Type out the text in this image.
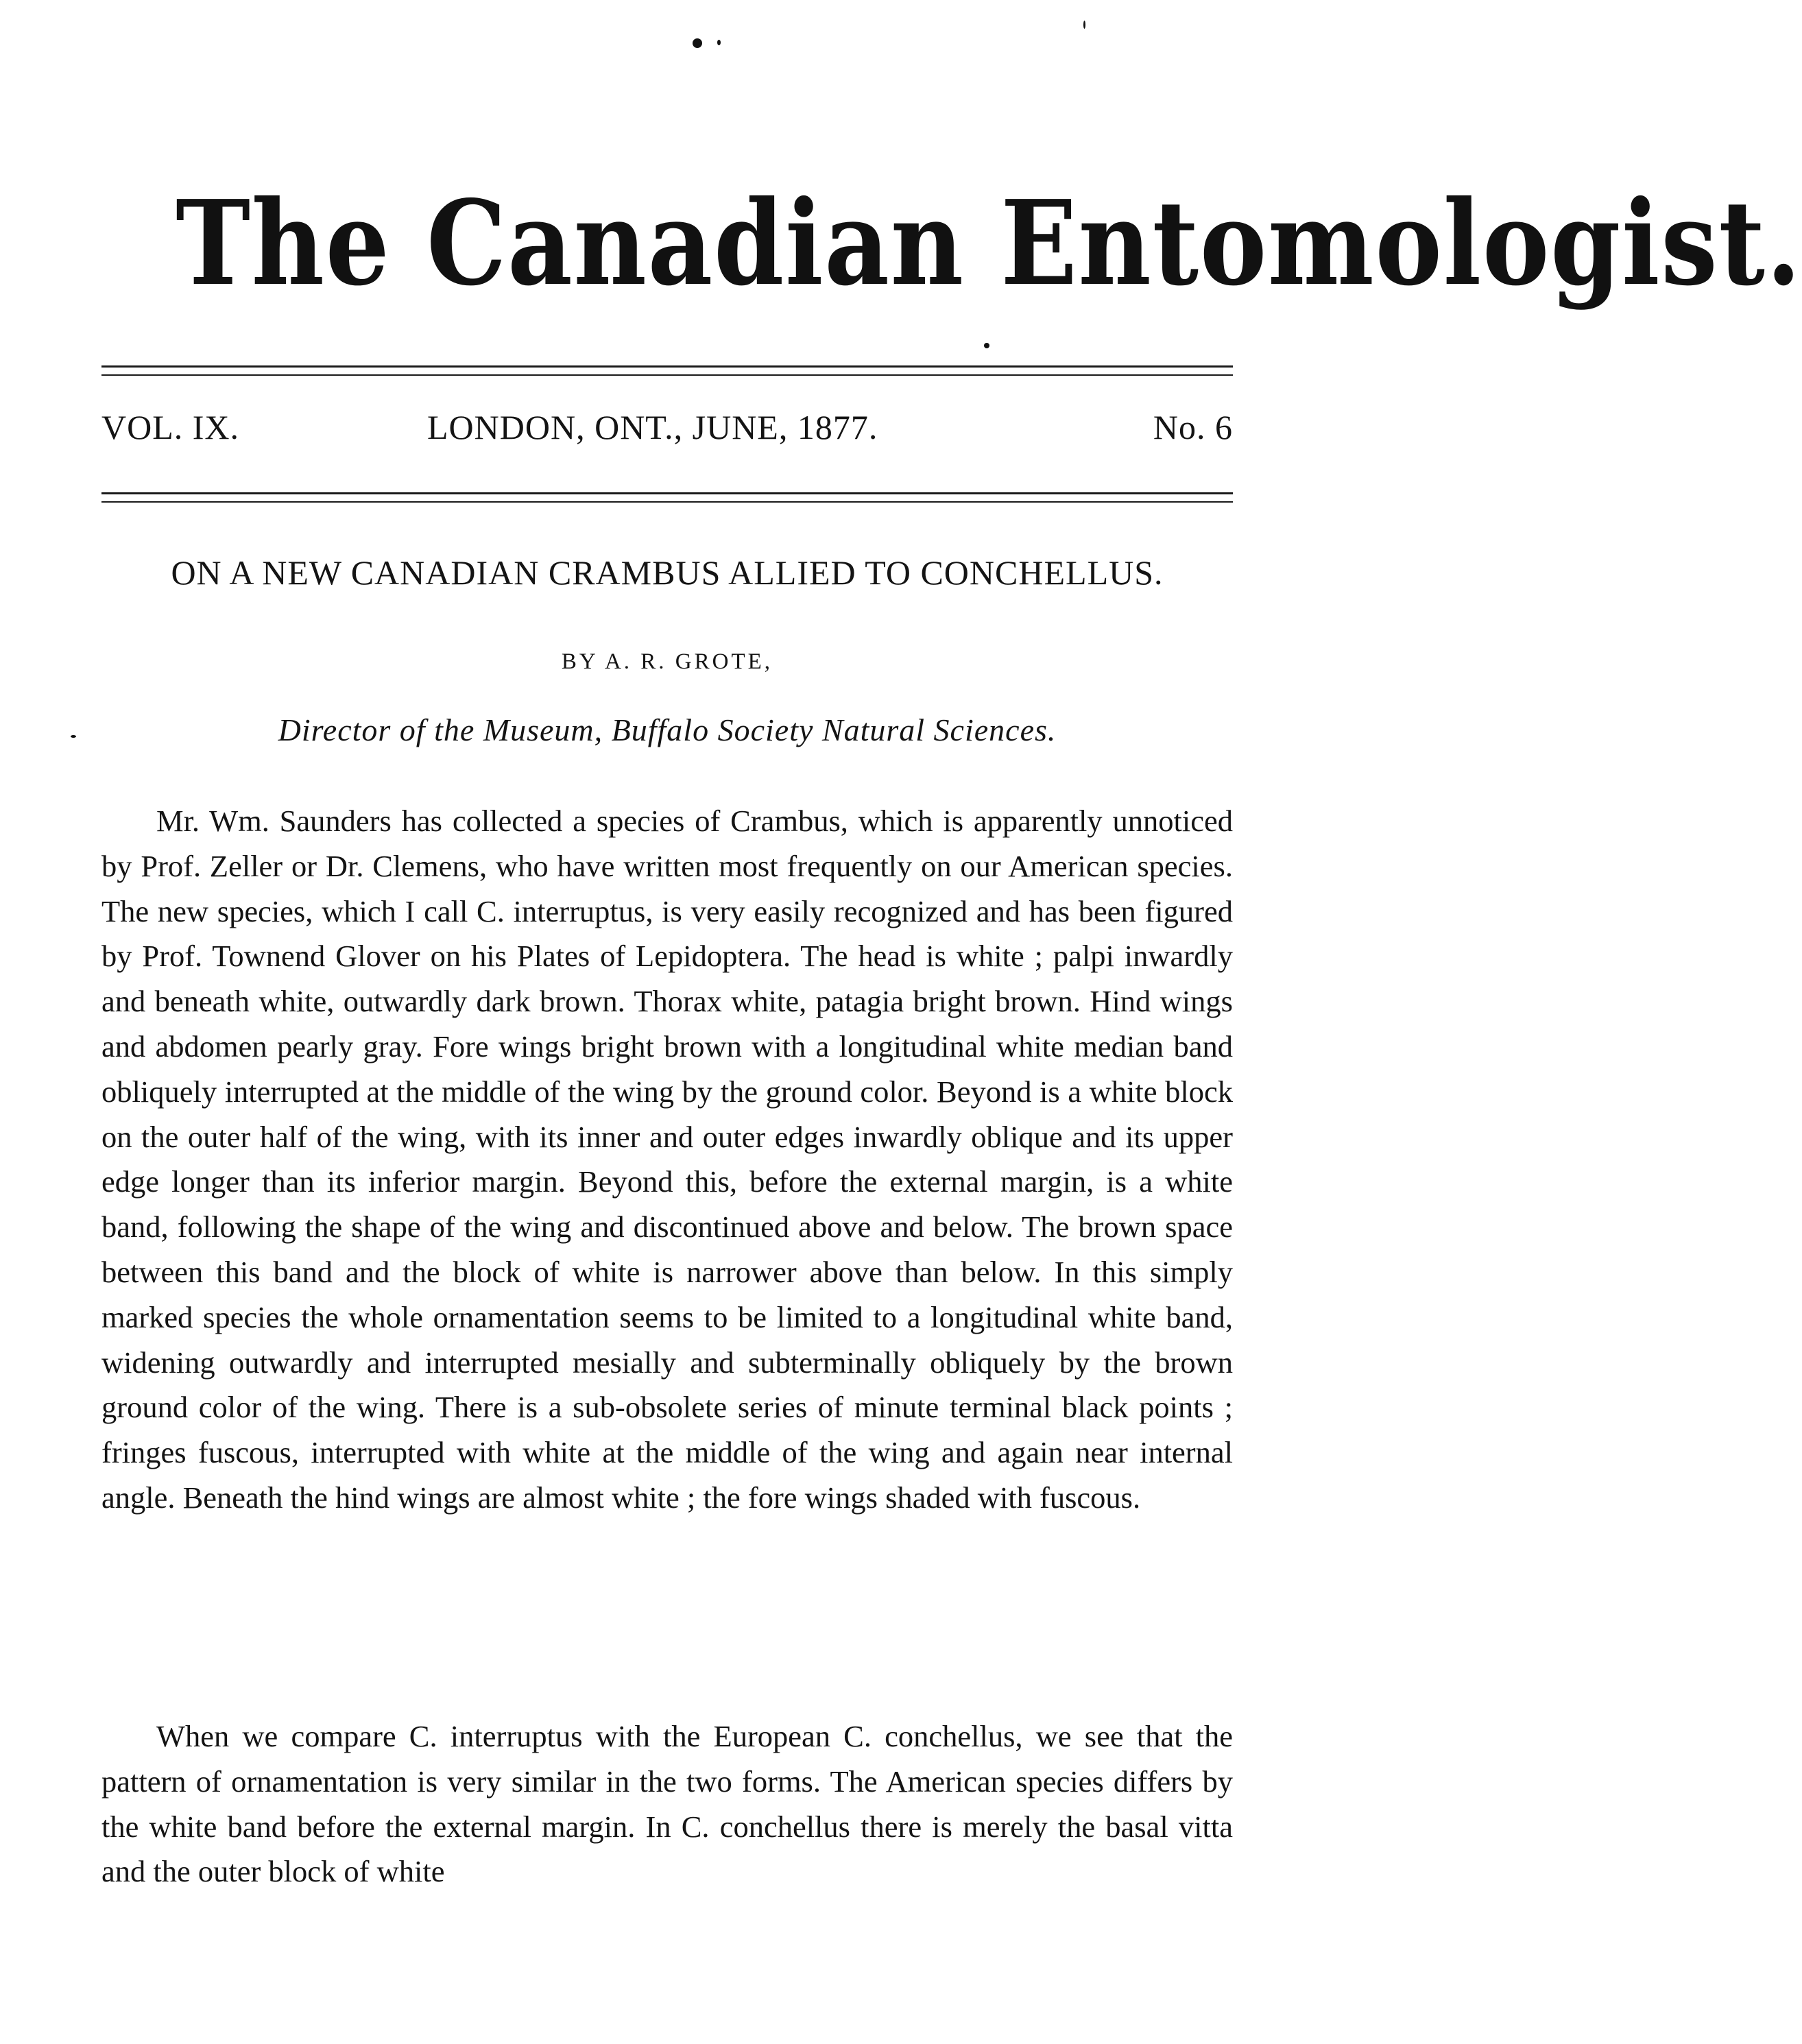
The Canadian Entomologist.
VOL. IX.	LONDON, ONT., JUNE, 1877.	No. 6
ON A NEW CANADIAN CRAMBUS ALLIED TO CONCHELLUS.
BY A. R. GROTE,
Director of the Museum, Buffalo Society Natural Sciences.

Mr. Wm. Saunders has collected a species of Crambus, which is apparently unnoticed by Prof. Zeller or Dr. Clemens, who have written most frequently on our American species. The new species, which I call C. interruptus, is very easily recognized and has been figured by Prof. Townend Glover on his Plates of Lepidoptera. The head is white ; palpi inwardly and beneath white, outwardly dark brown. Thorax white, patagia bright brown. Hind wings and abdomen pearly gray. Fore wings bright brown with a longitudinal white median band obliquely interrupted at the middle of the wing by the ground color. Beyond is a white block on the outer half of the wing, with its inner and outer edges inwardly oblique and its upper edge longer than its inferior margin. Beyond this, before the external margin, is a white band, following the shape of the wing and discontinued above and below. The brown space between this band and the block of white is narrower above than below. In this simply marked species the whole ornamentation seems to be limited to a longitudinal white band, widening outwardly and interrupted mesially and subterminally obliquely by the brown ground color of the wing. There is a sub-obsolete series of minute terminal black points ; fringes fuscous, interrupted with white at the middle of the wing and again near internal angle. Beneath the hind wings are almost white ; the fore wings shaded with fuscous.

When we compare C. interruptus with the European C. conchellus, we see that the pattern of ornamentation is very similar in the two forms. The American species differs by the white band before the external margin. In C. conchellus there is merely the basal vitta and the outer block of white
